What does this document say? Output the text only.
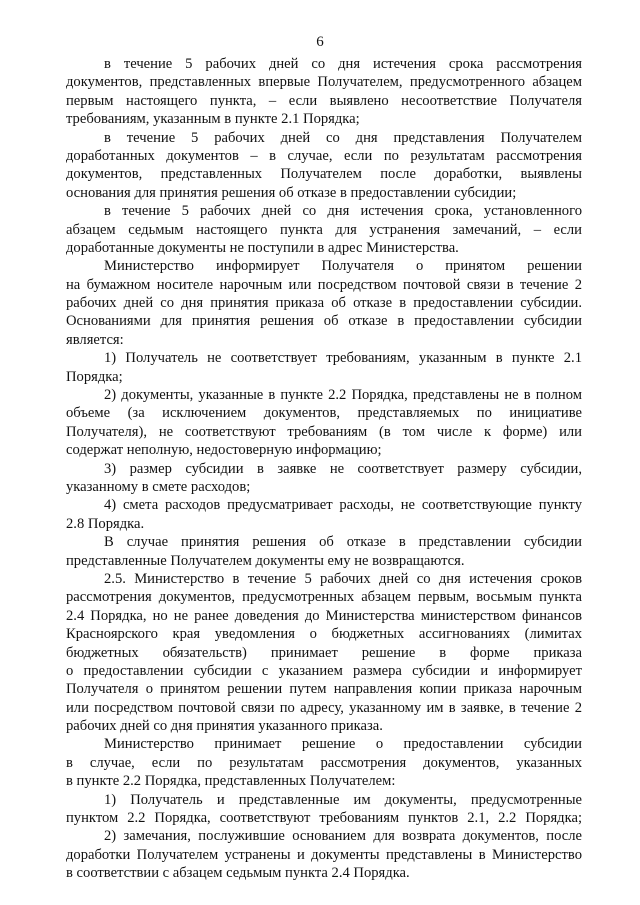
6
в течение 5 рабочих дней со дня истечения срока рассмотрения
документов, представленных впервые Получателем, предусмотренного абзацем
первым настоящего пункта, – если выявлено несоответствие Получателя
требованиям, указанным в пункте 2.1 Порядка;
в течение 5 рабочих дней со дня представления Получателем
доработанных документов – в случае, если по результатам рассмотрения
документов, представленных Получателем после доработки, выявлены
основания для принятия решения об отказе в предоставлении субсидии;
в течение 5 рабочих дней со дня истечения срока, установленного
абзацем седьмым настоящего пункта для устранения замечаний, – если
доработанные документы не поступили в адрес Министерства.
Министерство информирует Получателя о принятом решении
на бумажном носителе нарочным или посредством почтовой связи в течение 2
рабочих дней со дня принятия приказа об отказе в предоставлении субсидии.
Основаниями для принятия решения об отказе в предоставлении субсидии
является:
1) Получатель не соответствует требованиям, указанным в пункте 2.1
Порядка;
2) документы, указанные в пункте 2.2 Порядка, представлены не в полном
объеме (за исключением документов, представляемых по инициативе
Получателя), не соответствуют требованиям (в том числе к форме) или
содержат неполную, недостоверную информацию;
3) размер субсидии в заявке не соответствует размеру субсидии,
указанному в смете расходов;
4) смета расходов предусматривает расходы, не соответствующие пункту
2.8 Порядка.
В случае принятия решения об отказе в представлении субсидии
представленные Получателем документы ему не возвращаются.
2.5. Министерство в течение 5 рабочих дней со дня истечения сроков
рассмотрения документов, предусмотренных абзацем первым, восьмым пункта
2.4 Порядка, но не ранее доведения до Министерства министерством финансов
Красноярского края уведомления о бюджетных ассигнованиях (лимитах
бюджетных обязательств) принимает решение в форме приказа
о предоставлении субсидии с указанием размера субсидии и информирует
Получателя о принятом решении путем направления копии приказа нарочным
или посредством почтовой связи по адресу, указанному им в заявке, в течение 2
рабочих дней со дня принятия указанного приказа.
Министерство принимает решение о предоставлении субсидии
в случае, если по результатам рассмотрения документов, указанных
в пункте 2.2 Порядка, представленных Получателем:
1) Получатель и представленные им документы, предусмотренные
пунктом 2.2 Порядка, соответствуют требованиям пунктов 2.1, 2.2 Порядка;
2) замечания, послужившие основанием для возврата документов, после
доработки Получателем устранены и документы представлены в Министерство
в соответствии с абзацем седьмым пункта 2.4 Порядка.
